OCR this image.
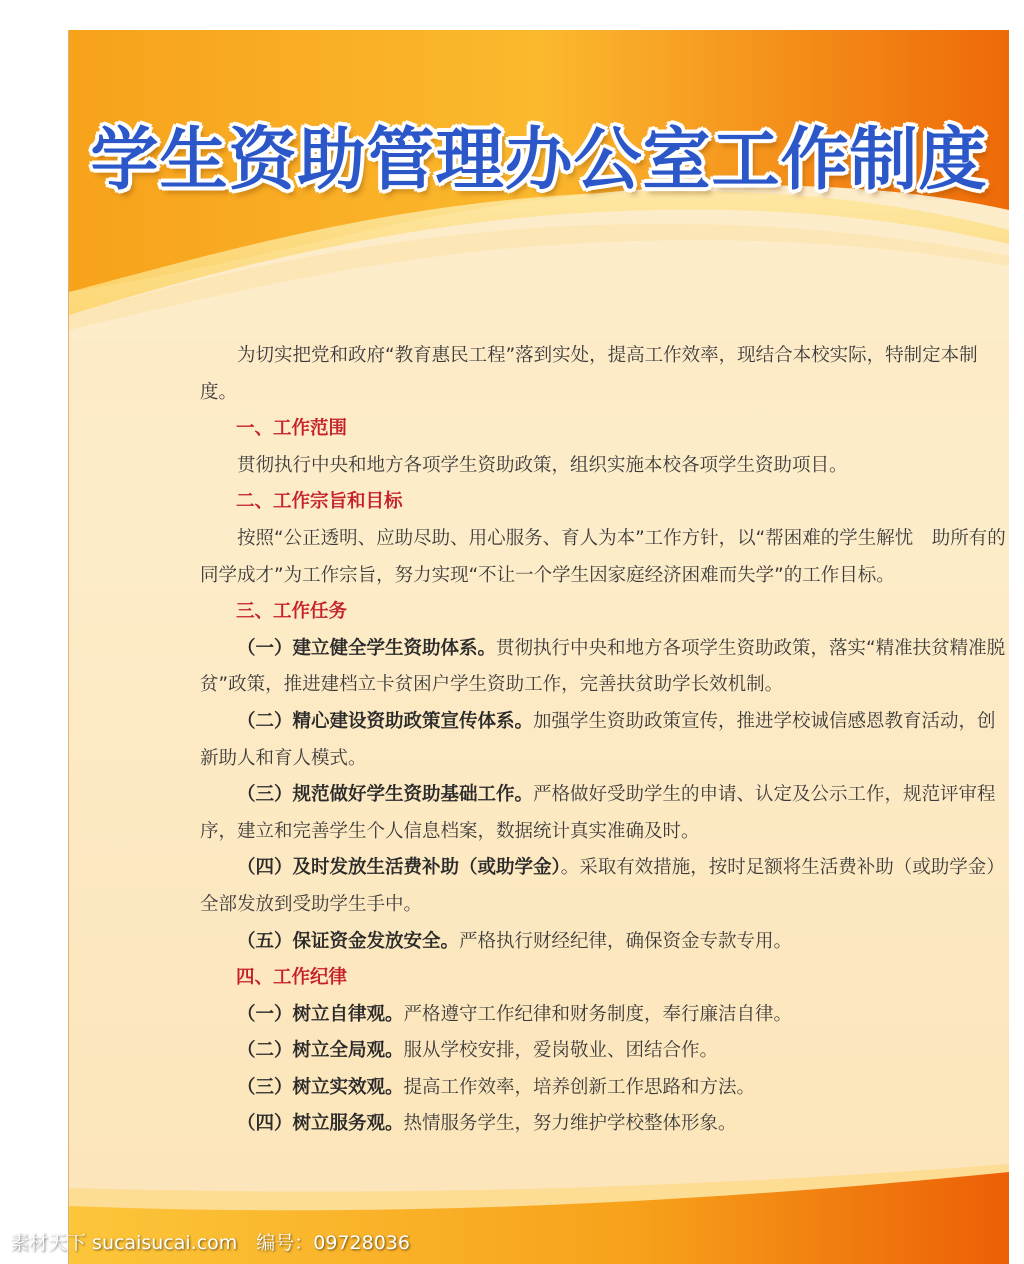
学生资助管理办公室工作制度

为切实把党和政府“教育惠民工程”落到实处，提高工作效率，现结合本校实际，特制定本制度。

一、工作范围

贯彻执行中央和地方各项学生资助政策，组织实施本校各项学生资助项目。

二、工作宗旨和目标

按照“公正透明、应助尽助、用心服务、育人为本”工作方针，以“帮困难的学生解忧　助所有的同学成才”为工作宗旨，努力实现“不让一个学生因家庭经济困难而失学”的工作目标。

三、工作任务

（一）建立健全学生资助体系。贯彻执行中央和地方各项学生资助政策，落实“精准扶贫精准脱贫”政策，推进建档立卡贫困户学生资助工作，完善扶贫助学长效机制。

（二）精心建设资助政策宣传体系。加强学生资助政策宣传，推进学校诚信感恩教育活动，创新助人和育人模式。

（三）规范做好学生资助基础工作。严格做好受助学生的申请、认定及公示工作，规范评审程序，建立和完善学生个人信息档案，数据统计真实准确及时。

（四）及时发放生活费补助（或助学金）。采取有效措施，按时足额将生活费补助（或助学金）全部发放到受助学生手中。

（五）保证资金发放安全。严格执行财经纪律，确保资金专款专用。

四、工作纪律

（一）树立自律观。严格遵守工作纪律和财务制度，奉行廉洁自律。

（二）树立全局观。服从学校安排，爱岗敬业、团结合作。

（三）树立实效观。提高工作效率，培养创新工作思路和方法。

（四）树立服务观。热情服务学生，努力维护学校整体形象。

素材天下 sucaisucai.com　编号：09728036
